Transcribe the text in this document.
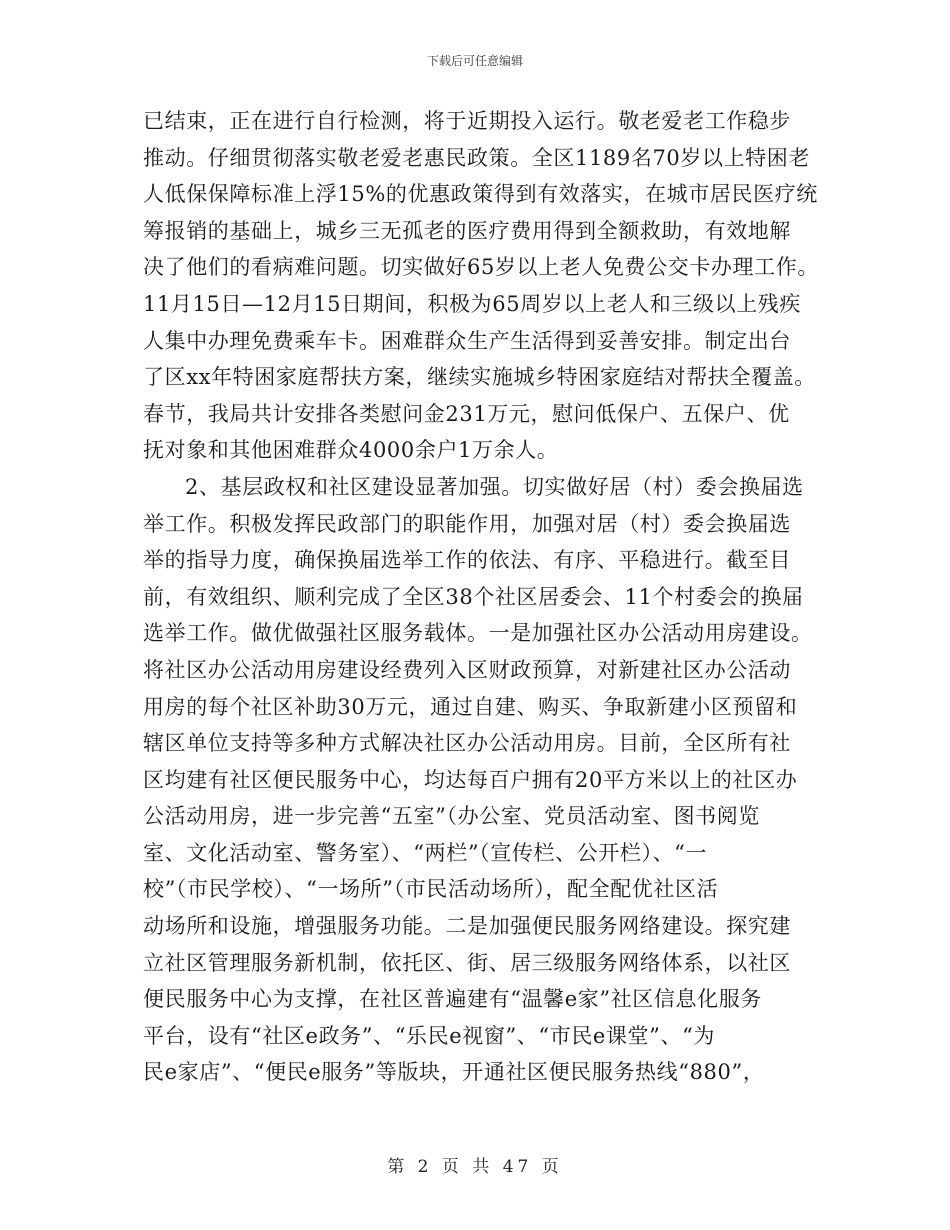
下载后可任意编辑
已结束，正在进行自行检测，将于近期投入运行。敬老爱老工作稳步
推动。仔细贯彻落实敬老爱老惠民政策。全区1189名70岁以上特困老
人低保保障标准上浮15%的优惠政策得到有效落实，在城市居民医疗统
筹报销的基础上，城乡三无孤老的医疗费用得到全额救助，有效地解
决了他们的看病难问题。切实做好65岁以上老人免费公交卡办理工作。
11月15日—12月15日期间，积极为65周岁以上老人和三级以上残疾
人集中办理免费乘车卡。困难群众生产生活得到妥善安排。制定出台
了区xx年特困家庭帮扶方案，继续实施城乡特困家庭结对帮扶全覆盖。
春节，我局共计安排各类慰问金231万元，慰问低保户、五保户、优
抚对象和其他困难群众4000余户1万余人。
2、基层政权和社区建设显著加强。切实做好居（村）委会换届选
举工作。积极发挥民政部门的职能作用，加强对居（村）委会换届选
举的指导力度，确保换届选举工作的依法、有序、平稳进行。截至目
前，有效组织、顺利完成了全区38个社区居委会、11个村委会的换届
选举工作。做优做强社区服务载体。一是加强社区办公活动用房建设。
将社区办公活动用房建设经费列入区财政预算，对新建社区办公活动
用房的每个社区补助30万元，通过自建、购买、争取新建小区预留和
辖区单位支持等多种方式解决社区办公活动用房。目前，全区所有社
区均建有社区便民服务中心，均达每百户拥有20平方米以上的社区办
公活动用房，进一步完善“五室”（办公室、党员活动室、图书阅览
室、文化活动室、警务室）、“两栏”（宣传栏、公开栏）、“一
校”（市民学校）、“一场所”（市民活动场所），配全配优社区活
动场所和设施，增强服务功能。二是加强便民服务网络建设。探究建
立社区管理服务新机制，依托区、街、居三级服务网络体系，以社区
便民服务中心为支撑，在社区普遍建有“温馨e家”社区信息化服务
平台，设有“社区e政务”、“乐民e视窗”、“市民e课堂”、“为
民e家店”、“便民e服务”等版块，开通社区便民服务热线“880”，
第 2 页 共 47 页
